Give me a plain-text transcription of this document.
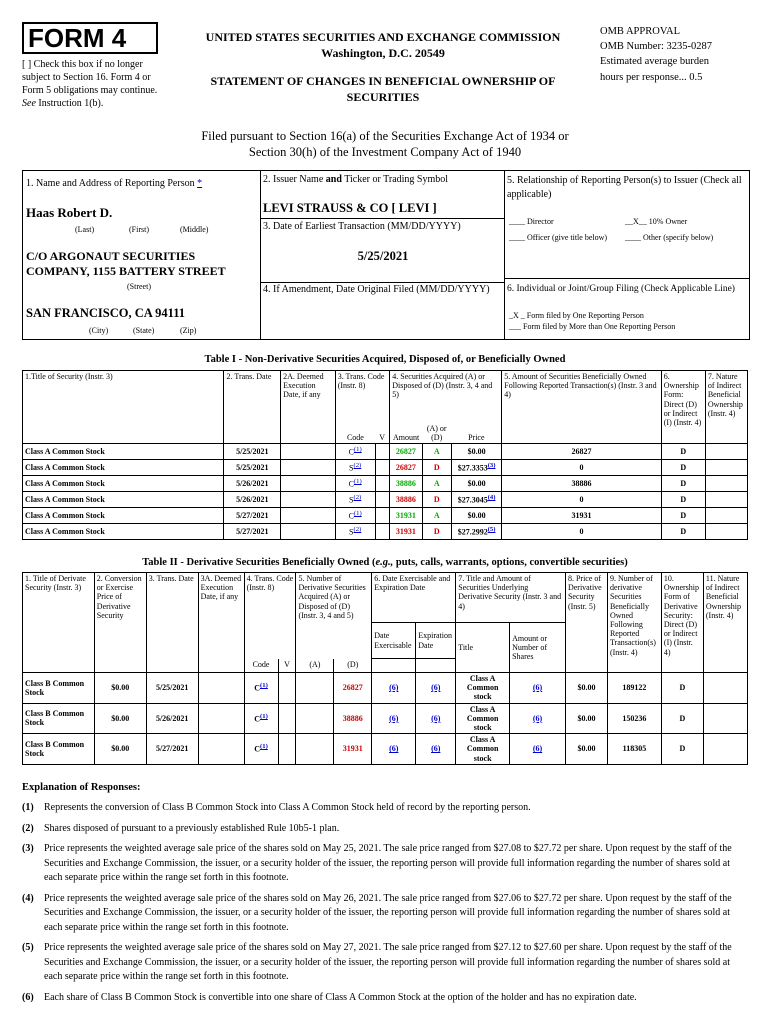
FORM 4
[ ] Check this box if no longer subject to Section 16. Form 4 or Form 5 obligations may continue. See Instruction 1(b).
UNITED STATES SECURITIES AND EXCHANGE COMMISSION
Washington, D.C. 20549
STATEMENT OF CHANGES IN BENEFICIAL OWNERSHIP OF SECURITIES
OMB APPROVAL
OMB Number: 3235-0287
Estimated average burden
hours per response... 0.5
Filed pursuant to Section 16(a) of the Securities Exchange Act of 1934 or
Section 30(h) of the Investment Company Act of 1940
1. Name and Address of Reporting Person *
Haas Robert D.
(Last)	(First)	(Middle)
C/O ARGONAUT SECURITIES COMPANY, 1155 BATTERY STREET
(Street)
SAN FRANCISCO, CA 94111
(City)	(State)	(Zip)
2. Issuer Name and Ticker or Trading Symbol
LEVI STRAUSS & CO [ LEVI ]
3. Date of Earliest Transaction (MM/DD/YYYY)
5/25/2021
4. If Amendment, Date Original Filed (MM/DD/YYYY)
5. Relationship of Reporting Person(s) to Issuer (Check all applicable)
____ Director	__X__ 10% Owner
____ Officer (give title below) ____ Other (specify below)
6. Individual or Joint/Group Filing (Check Applicable Line)
_X _ Form filed by One Reporting Person
___ Form filed by More than One Reporting Person
Table I - Non-Derivative Securities Acquired, Disposed of, or Beneficially Owned
1.Title of Security (Instr. 3)	2. Trans. Date	2A. Deemed Execution Date, if any	3. Trans. Code (Instr. 8)		4. Securities Acquired (A) or Disposed of (D) (Instr. 3, 4 and 5)			5. Amount of Securities Beneficially Owned Following Reported Transaction(s) (Instr. 3 and 4)	6. Ownership Form: Direct (D) or Indirect (I) (Instr. 4)	7. Nature of Indirect Beneficial Ownership (Instr. 4)
			Code	V	Amount	(A) or (D)	Price			
Class A Common Stock	5/25/2021		$C^{(1)}$		26827	A	$0.00	26827	D	
Class A Common Stock	5/25/2021		$S^{(2)}$		26827	D	$27.3353$^{(3)}$	0	D	
Class A Common Stock	5/26/2021		$C^{(1)}$		38886	A	$0.00	38886	D	
Class A Common Stock	5/26/2021		$S^{(2)}$		38886	D	$27.3045$^{(4)}$	0	D	
Class A Common Stock	5/27/2021		$C^{(1)}$		31931	A	$0.00	31931	D	
Class A Common Stock	5/27/2021		$S^{(2)}$		31931	D	$27.2992$^{(5)}$	0	D	
Table II - Derivative Securities Beneficially Owned (e.g., puts, calls, warrants, options, convertible securities)
1. Title of Derivate Security (Instr. 3)	2. Conversion or Exercise Price of Derivative Security	3. Trans. Date	3A. Deemed Execution Date, if any	4. Trans. Code (Instr. 8)		5. Number of Derivative Securities Acquired (A) or Disposed of (D) (Instr. 3, 4 and 5)		6. Date Exercisable and Expiration Date		7. Title and Amount of Securities Underlying Derivative Security (Instr. 3 and 4)		8. Price of Derivative Security (Instr. 5)	9. Number of derivative Securities Beneficially Owned Following Reported Transaction(s) (Instr. 4)	10. Ownership Form of Derivative Security: Direct (D) or Indirect (I) (Instr. 4)	11. Nature of Indirect Beneficial Ownership (Instr. 4)
								Date Exercisable	Expiration Date	Title	Amount or Number of Shares				
				Code	V	(A)	(D)								
Class B Common Stock	$0.00	5/25/2021		$C^{(1)}$			26827	(6)	(6)	Class A Common stock	(6)	$0.00	189122	D	
Class B Common Stock	$0.00	5/26/2021		$C^{(1)}$			38886	(6)	(6)	Class A Common stock	(6)	$0.00	150236	D	
Class B Common Stock	$0.00	5/27/2021		$C^{(1)}$			31931	(6)	(6)	Class A Common stock	(6)	$0.00	118305	D	
Explanation of Responses:
(1)	Represents the conversion of Class B Common Stock into Class A Common Stock held of record by the reporting person.
(2)	Shares disposed of pursuant to a previously established Rule 10b5-1 plan.
(3)	Price represents the weighted average sale price of the shares sold on May 25, 2021. The sale price ranged from $27.08 to $27.72 per share. Upon request by the staff of the Securities and Exchange Commission, the issuer, or a security holder of the issuer, the reporting person will provide full information regarding the number of shares sold at each separate price within the range set forth in this footnote.
(4)	Price represents the weighted average sale price of the shares sold on May 26, 2021. The sale price ranged from $27.06 to $27.72 per share. Upon request by the staff of the Securities and Exchange Commission, the issuer, or a security holder of the issuer, the reporting person will provide full information regarding the number of shares sold at each separate price within the range set forth in this footnote.
(5)	Price represents the weighted average sale price of the shares sold on May 27, 2021. The sale price ranged from $27.12 to $27.60 per share. Upon request by the staff of the Securities and Exchange Commission, the issuer, or a security holder of the issuer, the reporting person will provide full information regarding the number of shares sold at each separate price within the range set forth in this footnote.
(6)	Each share of Class B Common Stock is convertible into one share of Class A Common Stock at the option of the holder and has no expiration date.
